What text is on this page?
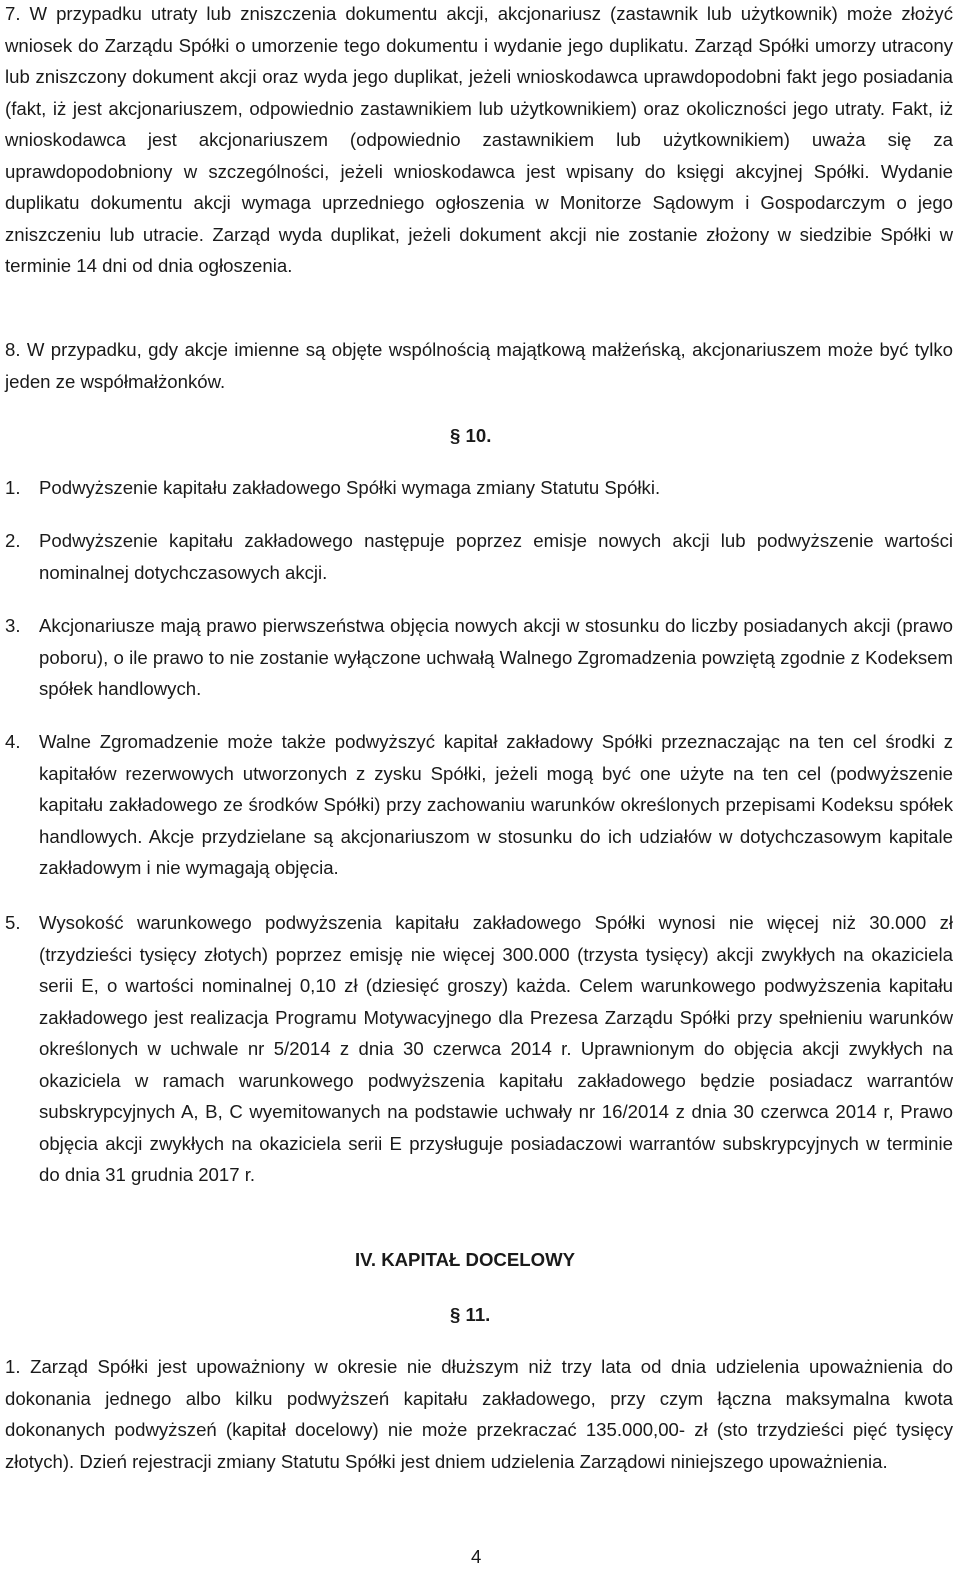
7. W przypadku utraty lub zniszczenia dokumentu akcji, akcjonariusz (zastawnik lub użytkownik) może złożyć wniosek do Zarządu Spółki o umorzenie tego dokumentu i wydanie jego duplikatu. Zarząd Spółki umorzy utracony lub zniszczony dokument akcji oraz wyda jego duplikat, jeżeli wnioskodawca uprawdopodobni fakt jego posiadania (fakt, iż jest akcjonariuszem, odpowiednio zastawnikiem lub użytkownikiem) oraz okoliczności jego utraty. Fakt, iż wnioskodawca jest akcjonariuszem (odpowiednio zastawnikiem lub użytkownikiem) uważa się za uprawdopodobniony w szczególności, jeżeli wnioskodawca jest wpisany do księgi akcyjnej Spółki. Wydanie duplikatu dokumentu akcji wymaga uprzedniego ogłoszenia w Monitorze Sądowym i Gospodarczym o jego zniszczeniu lub utracie. Zarząd wyda duplikat, jeżeli dokument akcji nie zostanie złożony w siedzibie Spółki w terminie 14 dni od dnia ogłoszenia.

8. W przypadku, gdy akcje imienne są objęte wspólnością majątkową małżeńską, akcjonariuszem może być tylko jeden ze współmałżonków.

§ 10.
1. Podwyższenie kapitału zakładowego Spółki wymaga zmiany Statutu Spółki.
2. Podwyższenie kapitału zakładowego następuje poprzez emisje nowych akcji lub podwyższenie wartości nominalnej dotychczasowych akcji.
3. Akcjonariusze mają prawo pierwszeństwa objęcia nowych akcji w stosunku do liczby posiadanych akcji (prawo poboru), o ile prawo to nie zostanie wyłączone uchwałą Walnego Zgromadzenia powziętą zgodnie z Kodeksem spółek handlowych.
4. Walne Zgromadzenie może także podwyższyć kapitał zakładowy Spółki przeznaczając na ten cel środki z kapitałów rezerwowych utworzonych z zysku Spółki, jeżeli mogą być one użyte na ten cel (podwyższenie kapitału zakładowego ze środków Spółki) przy zachowaniu warunków określonych przepisami Kodeksu spółek handlowych. Akcje przydzielane są akcjonariuszom w stosunku do ich udziałów w dotychczasowym kapitale zakładowym i nie wymagają objęcia.
5. Wysokość warunkowego podwyższenia kapitału zakładowego Spółki wynosi nie więcej niż 30.000 zł (trzydzieści tysięcy złotych) poprzez emisję nie więcej 300.000 (trzysta tysięcy) akcji zwykłych na okaziciela serii E, o wartości nominalnej 0,10 zł (dziesięć groszy) każda. Celem warunkowego podwyższenia kapitału zakładowego jest realizacja Programu Motywacyjnego dla Prezesa Zarządu Spółki przy spełnieniu warunków określonych w uchwale nr 5/2014 z dnia 30 czerwca 2014 r. Uprawnionym do objęcia akcji zwykłych na okaziciela w ramach warunkowego podwyższenia kapitału zakładowego będzie posiadacz warrantów subskrypcyjnych A, B, C wyemitowanych na podstawie uchwały nr 16/2014 z dnia 30 czerwca 2014 r, Prawo objęcia akcji zwykłych na okaziciela serii E przysługuje posiadaczowi warrantów subskrypcyjnych w terminie do dnia 31 grudnia 2017 r.
IV. KAPITAŁ DOCELOWY
§ 11.

1. Zarząd Spółki jest upoważniony w okresie nie dłuższym niż trzy lata od dnia udzielenia upoważnienia do dokonania jednego albo kilku podwyższeń kapitału zakładowego, przy czym łączna maksymalna kwota dokonanych podwyższeń (kapitał docelowy) nie może przekraczać 135.000,00- zł (sto trzydzieści pięć tysięcy złotych). Dzień rejestracji zmiany Statutu Spółki jest dniem udzielenia Zarządowi niniejszego upoważnienia.

4
